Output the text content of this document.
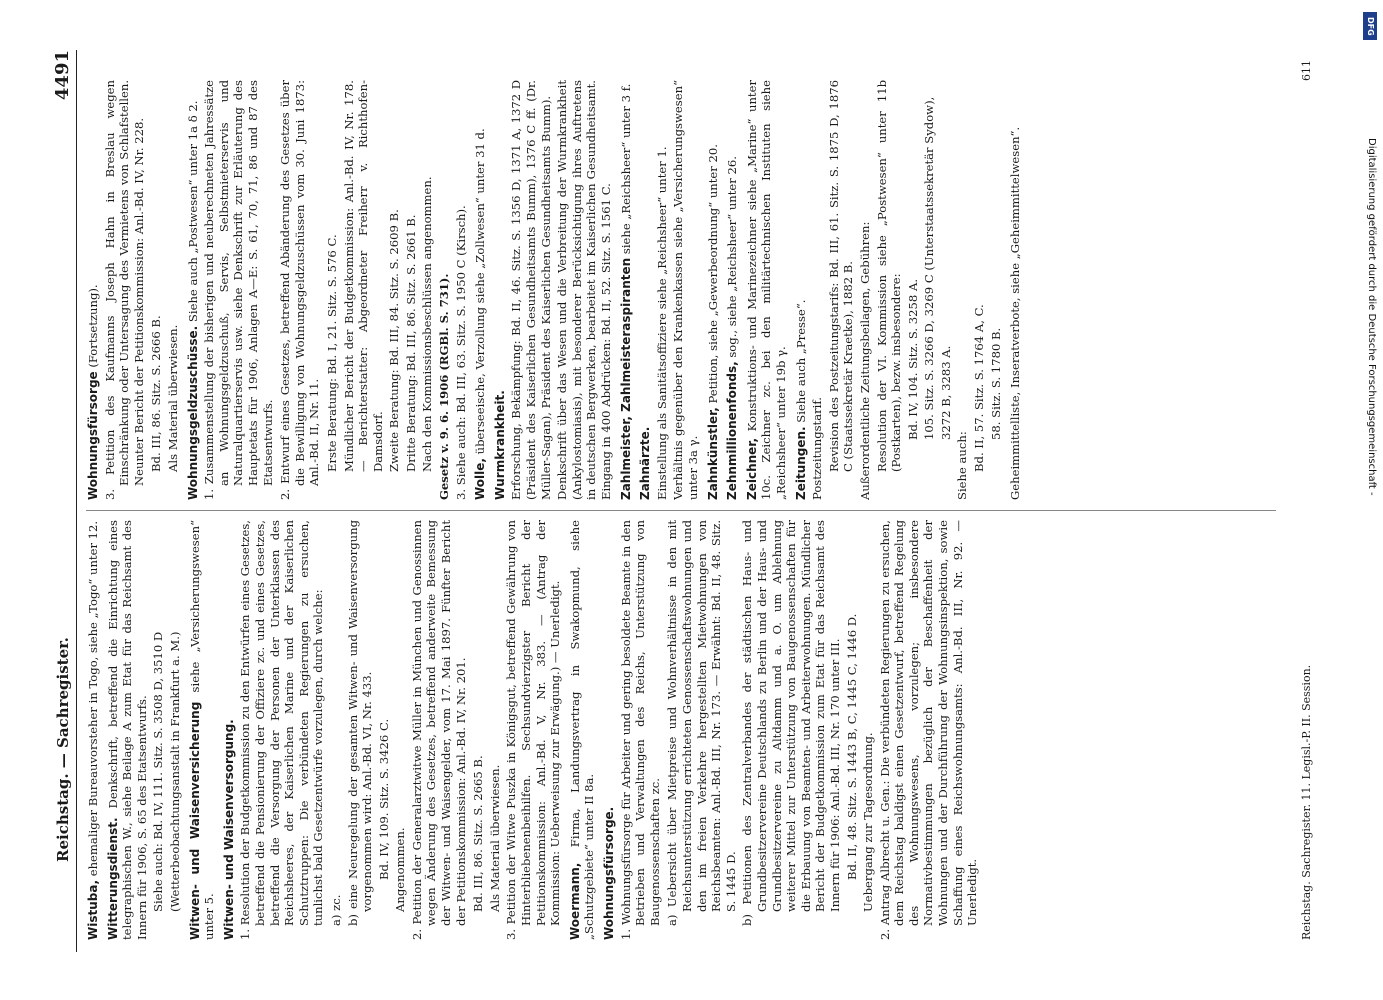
Reichstag. — Sachregister.
4491

Wistuba, ehemaliger Bureauvorsteher in Togo, siehe „Togo“ unter 12.

Witterungsdienst. Denkschrift, betreffend die Einrichtung eines telegraphischen W., siehe Beilage A zum Etat für das Reichsamt des Innern für 1906, S. 65 des Etatsentwurfs. Siehe auch: Bd. IV, 111. Sitz. S. 3508 D, 3510 D (Wetterbeobachtungsanstalt in Frankfurt a. M.) Witwen- und Waisenversicherung siehe „Versicherungswesen“ unter 5. Witwen- und Waisenversorgung. 1. Resolution der Budgetkommission zu den Entwürfen eines Gesetzes, betreffend die Pensionierung der Offiziere zc. und eines Gesetzes, betreffend die Versorgung der Personen der Unterklassen des Reichsheeres, der Kaiserlichen Marine und der Kaiserlichen Schutztruppen: Die verbündeten Regierungen zu ersuchen, tunlichst bald Gesetzentwürfe vorzulegen, durch welche: a) zc. b) eine Neuregelung der gesamten Witwen- und Waisenversorgung vorgenommen wird: Anl.-Bd. VI, Nr. 433. Bd. IV, 109. Sitz. S. 3426 C. Angenommen. 2. Petition der Generalarztwitwe Müller in München und Genossinnen wegen Änderung des Gesetzes, betreffend anderweite Bemessung der Witwen- und Waisengelder, vom 17. Mai 1897. Fünfter Bericht der Petitionskommission: Anl.-Bd. IV, Nr. 201. Bd. III, 86. Sitz. S. 2665 B. Als Material überwiesen. 3. Petition der Witwe Puszka in Königsgut, betreffend Gewährung von Hinterbliebenenbeihilfen. Sechsundvierzigster Bericht der Petitionskommission: Anl.-Bd. V, Nr. 383. — (Antrag der Kommission: Ueberweisung zur Erwägung.) — Unerledigt. Woermann, Firma, Landungsvertrag in Swakopmund, siehe „Schutzgebiete“ unter II 8a. Wohnungsfürsorge. 1. Wohnungsfürsorge für Arbeiter und gering besoldete Beamte in den Betrieben und Verwaltungen des Reichs, Unterstützung von Baugenossenschaften zc. a) Uebersicht über Mietpreise und Wohnverhältnisse in den mit Reichsunterstützung errichteten Genossenschaftswohnungen und den im freien Verkehre hergestellten Mietwohnungen von Reichsbeamten: Anl.-Bd. III, Nr. 173. — Erwähnt: Bd. II, 48. Sitz. S. 1445 D. b) Petitionen des Zentralverbandes der städtischen Haus- und Grundbesitzervereine Deutschlands zu Berlin und der Haus- und Grundbesitzervereine zu Altdamm und a. O. um Ablehnung weiterer Mittel zur Unterstützung von Baugenossenschaften für die Erbauung von Beamten- und Arbeiterwohnungen. Mündlicher Bericht der Budgetkommission zum Etat für das Reichsamt des Innern für 1906: Anl.-Bd. III, Nr. 170 unter III. Bd. II, 48. Sitz. S. 1443 B, C, 1445 C, 1446 D. Uebergang zur Tagesordnung. 2. Antrag Albrecht u. Gen.: Die verbündeten Regierungen zu ersuchen, dem Reichstag baldigst einen Gesetzentwurf, betreffend Regelung des Wohnungswesens, vorzulegen; insbesondere Normativbestimmungen bezüglich der Beschaffenheit der Wohnungen und der Durchführung der Wohnungsinspektion, sowie Schaffung eines Reichswohnungsamts: Anl.-Bd. III, Nr. 92. — Unerledigt.

Wohnungsfürsorge (Fortsetzung). 3. Petition des Kaufmanns Joseph Hahn in Breslau wegen Einschränkung oder Untersagung des Vermietens von Schlafstellen. Neunter Bericht der Petitionskommission: Anl.-Bd. IV, Nr. 228. Bd. III, 86. Sitz. S. 2666 B. Als Material überwiesen. Wohnungsgeldzuschüsse. Siehe auch „Postwesen“ unter 1a δ 2. 1. Zusammenstellung der bisherigen und neuberechneten Jahressätze an Wohnungsgeldzuschuß, Servis, Selbstmieterservis und Naturalquartierservis usw. siehe Denkschrift zur Erläuterung des Hauptetats für 1906, Anlagen A—E: S. 61, 70, 71, 86 und 87 des Etatsentwurfs. 2. Entwurf eines Gesetzes, betreffend Abänderung des Gesetzes über die Bewilligung von Wohnungsgeldzuschüssen vom 30. Juni 1873: Anl.-Bd. II, Nr. 11. Erste Beratung: Bd. I, 21. Sitz. S. 576 C. Mündlicher Bericht der Budgetkommission: Anl.-Bd. IV, Nr. 178. — Berichterstatter: Abgeordneter Freiherr v. Richthofen-Damsdorf. Zweite Beratung: Bd. III, 84. Sitz. S. 2609 B. Dritte Beratung: Bd. III, 86. Sitz. S. 2661 B. Nach den Kommissionsbeschlüssen angenommen. Gesetz v. 9. 6. 1906 (RGBl. S. 731). 3. Siehe auch: Bd. III, 63. Sitz. S. 1950 C (Kirsch). Wolle, überseeische, Verzollung siehe „Zollwesen“ unter 31 d. Wurmkrankheit. Erforschung, Bekämpfung: Bd. II, 46. Sitz. S. 1356 D, 1371 A, 1372 D (Präsident des Kaiserlichen Gesundheitsamts Bumm), 1376 C ff. (Dr. Müller-Sagan), Präsident des Kaiserlichen Gesundheitsamts Bumm). Denkschrift über das Wesen und die Verbreitung der Wurmkrankheit (Ankylostomiasis), mit besonderer Berücksichtigung ihres Auftretens in deutschen Bergwerken, bearbeitet im Kaiserlichen Gesundheitsamt. Eingang in 400 Abdrücken: Bd. II, 52. Sitz. S. 1561 C. Zahlmeister, Zahlmeisteraspiranten siehe „Reichsheer“ unter 3 f.

Zahnärzte. Einstellung als Sanitätsoffiziere siehe „Reichsheer“ unter 1. Verhältnis gegenüber den Krankenkassen siehe „Versicherungswesen“ unter 3a γ. Zahnkünstler, Petition, siehe „Gewerbeordnung“ unter 20.

Zehnmillionenfonds, sog., siehe „Reichsheer“ unter 26.

Zeichner, Konstruktions- und Marinezeichner siehe „Marine“ unter 10c. Zeichner zc. bei den militärtechnischen Instituten siehe „Reichsheer“ unter 19b γ. Zeitungen. Siehe auch „Presse“.

Postzeitungstarif. Revision des Postzeitungstarifs: Bd. III, 61. Sitz. S. 1875 D, 1876 C (Staatssekretär Kraetke), 1882 B. Außerordentliche Zeitungsbeilagen, Gebühren: Resolution der VI. Kommission siehe „Postwesen“ unter 11b (Postkarten), bezw. insbesondere: Bd. IV, 104. Sitz. S. 3258 A. 105. Sitz. S. 3266 D, 3269 C (Unterstaatssekretär Sydow), 3272 B, 3283 A.

Siehe auch: Bd. II, 57. Sitz. S. 1764 A, C. 58. Sitz. S. 1780 B. Geheimmittelliste, Inseratverbote, siehe „Geheimmittelwesen“.

Reichstag. Sachregister. 11. Legisl.-P. II. Session.
611
DFG
Digitalisierung gefördert durch die Deutsche Forschungsgemeinschaft -
